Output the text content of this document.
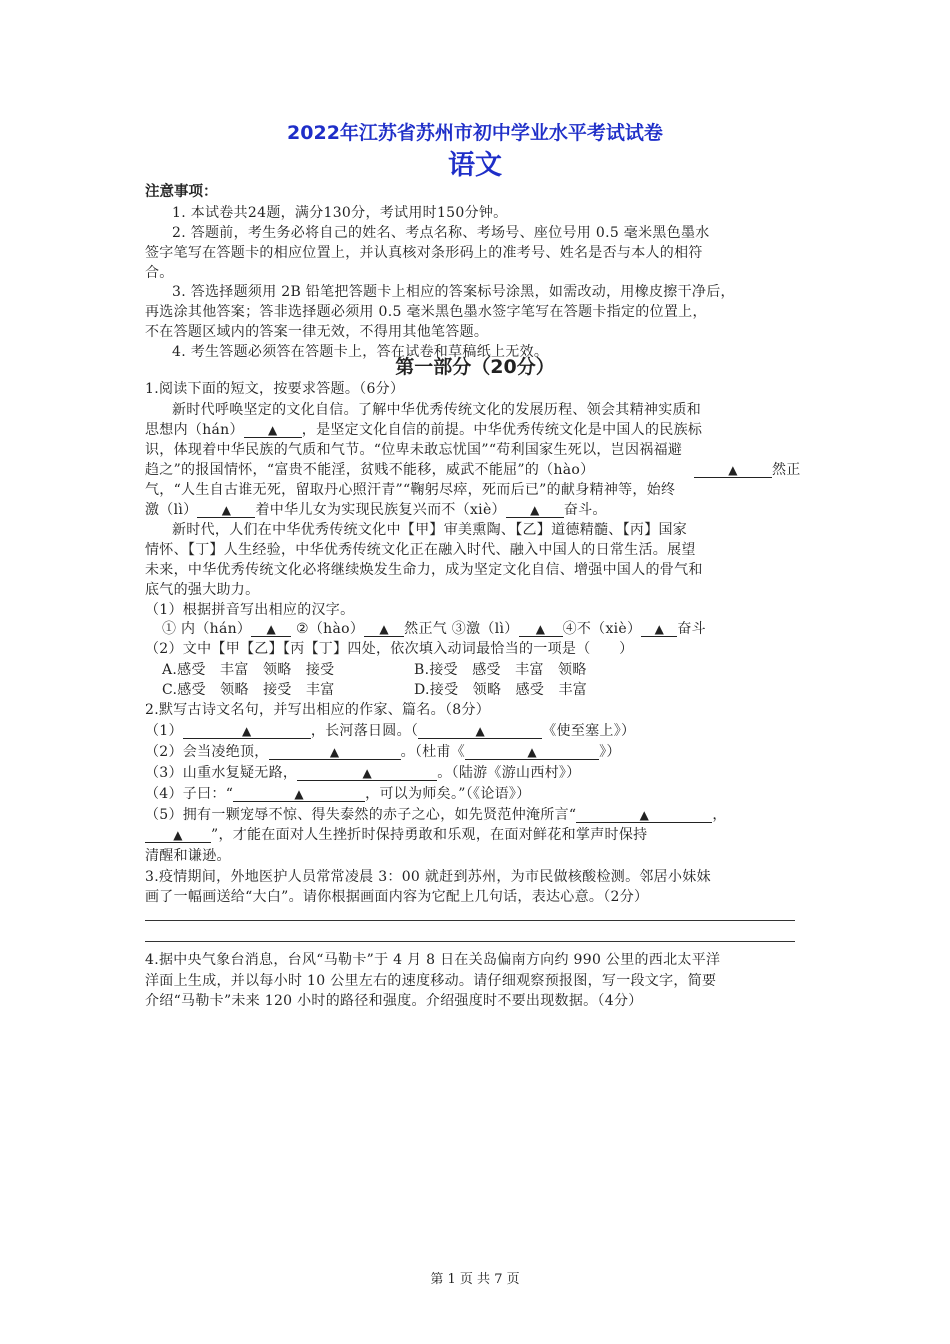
2022年江苏省苏州市初中学业水平考试试卷
语文
注意事项：
1. 本试卷共24题，满分130分，考试用时150分钟。
2. 答题前，考生务必将自己的姓名、考点名称、考场号、座位号用 0.5 毫米黑色墨水
签字笔写在答题卡的相应位置上，并认真核对条形码上的准考号、姓名是否与本人的相符
合。
3. 答选择题须用 2B 铅笔把答题卡上相应的答案标号涂黑，如需改动，用橡皮擦干净后，
再选涂其他答案；答非选择题必须用 0.5 毫米黑色墨水签字笔写在答题卡指定的位置上，
不在答题区域内的答案一律无效，不得用其他笔答题。
4. 考生答题必须答在答题卡上，答在试卷和草稿纸上无效。
第一部分（20分）
1.阅读下面的短文，按要求答题。（6分）
新时代呼唤坚定的文化自信。了解中华优秀传统文化的发展历程、领会其精神实质和
思想内（hán） ▲ ，是坚定文化自信的前提。中华优秀传统文化是中国人的民族标
识，体现着中华民族的气质和气节。“位卑未敢忘忧国”“苟利国家生死以，岂因祸福避
趋之”的报国情怀，“富贵不能淫，贫贱不能移，威武不能屈”的（hào）	▲ 然正
气，“人生自古谁无死，留取丹心照汗青”“鞠躬尽瘁，死而后已”的献身精神等，始终
激（lì） ▲ 着中华儿女为实现民族复兴而不（xiè） ▲ 奋斗。
新时代，人们在中华优秀传统文化中【甲】审美熏陶、【乙】道德精髓、【丙】国家
情怀、【丁】人生经验，中华优秀传统文化正在融入时代、融入中国人的日常生活。展望
未来，中华优秀传统文化必将继续焕发生命力，成为坚定文化自信、增强中国人的骨气和
底气的强大助力。
（1）根据拼音写出相应的汉字。
① 内（hán） ▲ ②（hào） ▲ 然正气 ③激（lì） ▲ ④不（xiè） ▲ 奋斗
（2）文中【甲【乙】【丙【丁】四处，依次填入动词最恰当的一项是（　　）
A.感受　丰富　领略　接受	B.接受　感受　丰富　领略
C.感受　领略　接受　丰富	D.接受　领略　感受　丰富
2.默写古诗文名句，并写出相应的作家、篇名。（8分）
（1）	▲	，长河落日圆。（	▲	《使至塞上》）
（2）会当凌绝顶，	▲	。（杜甫《	▲	》）
（3）山重水复疑无路，	▲	。（陆游《游山西村》）
（4）子曰：“	▲	，可以为师矣。”（《论语》）
（5）拥有一颗宠辱不惊、得失泰然的赤子之心，如先贤范仲淹所言“	▲	，
▲ ”，才能在面对人生挫折时保持勇敢和乐观，在面对鲜花和掌声时保持
清醒和谦逊。
3.疫情期间，外地医护人员常常凌晨 3：00 就赶到苏州，为市民做核酸检测。邻居小妹妹
画了一幅画送给“大白”。请你根据画面内容为它配上几句话，表达心意。（2分）
4.据中央气象台消息，台风“马勒卡”于 4 月 8 日在关岛偏南方向约 990 公里的西北太平洋
洋面上生成，并以每小时 10 公里左右的速度移动。请仔细观察预报图，写一段文字，简要
介绍“马勒卡”未来 120 小时的路径和强度。介绍强度时不要出现数据。（4分）
第 1 页 共 7 页
